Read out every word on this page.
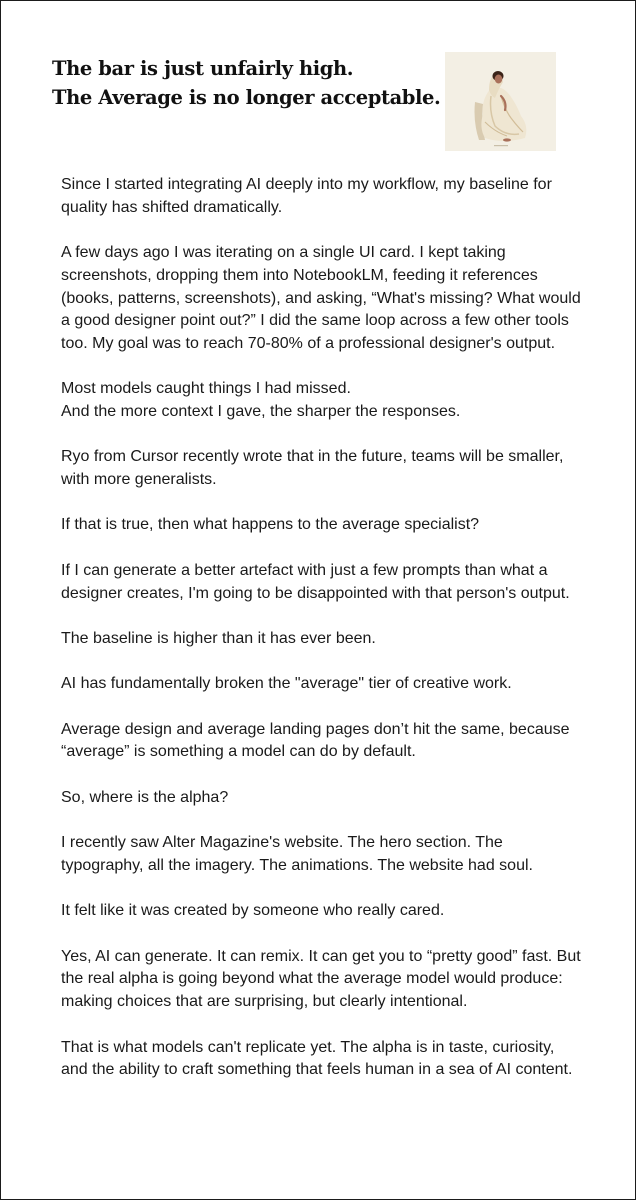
The bar is just unfairly high.
The Average is no longer acceptable.

Since I started integrating AI deeply into my workflow, my baseline for quality has shifted dramatically.

A few days ago I was iterating on a single UI card. I kept taking screenshots, dropping them into NotebookLM, feeding it references (books, patterns, screenshots), and asking, “What's missing? What would a good designer point out?” I did the same loop across a few other tools too. My goal was to reach 70-80% of a professional designer's output.

Most models caught things I had missed.
And the more context I gave, the sharper the responses.

Ryo from Cursor recently wrote that in the future, teams will be smaller, with more generalists.

If that is true, then what happens to the average specialist?

If I can generate a better artefact with just a few prompts than what a designer creates, I'm going to be disappointed with that person's output.

The baseline is higher than it has ever been.

AI has fundamentally broken the "average" tier of creative work.

Average design and average landing pages don’t hit the same, because “average” is something a model can do by default.

So, where is the alpha?

I recently saw Alter Magazine's website. The hero section. The typography, all the imagery. The animations. The website had soul.

It felt like it was created by someone who really cared.

Yes, AI can generate. It can remix. It can get you to “pretty good” fast. But the real alpha is going beyond what the average model would produce: making choices that are surprising, but clearly intentional.

That is what models can't replicate yet. The alpha is in taste, curiosity, and the ability to craft something that feels human in a sea of AI content.
